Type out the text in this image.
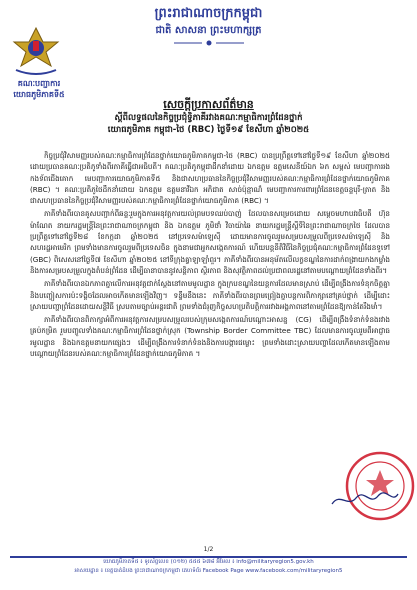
ព្រះរាជាណាចក្រកម្ពុជា
ជាតិ សាសនា ព្រះមហាក្សត្រ
គណៈបញ្ជាការ
យោធភូមិភាគទី៥
សេចក្ដីប្រកាសព័ត៌មាន
ស្ដីពីលទ្ធផលនៃកិច្ចប្រជុំទ្វិភាគីរវាងគណៈកម្មាធិការព្រំដែនថ្នាក់
យោធភូមិភាគ កម្ពុជា-ថៃ (RBC) ថ្ងៃទី១៩ ខែសីហា ឆ្នាំ២០២៥

កិច្ចប្រជុំវិសាមញ្ញរបស់គណៈកម្មាធិការព្រំដែនថ្នាក់យោធភូមិភាគកម្ពុជា-ថៃ (RBC) បានប្រព្រឹត្តទៅនៅថ្ងៃទី១៩ ខែសីហា ឆ្នាំ២០២៥ ដោយប្រធានគណៈប្រតិភូទាំងពីរភាគីធ្វើជាអធិបតី។ គណៈប្រតិភូកម្ពុជាដឹកនាំដោយ ឯកឧត្តម ឧត្តមសេនីយ៍ឯក ៦ភ សម្ភស់ មេបញ្ជាការរងកងទ័ពជើងគោក មេបញ្ជាការយោធភូមិភាគទី៥ និងជាសហប្រធាននៃកិច្ចប្រជុំវិសាមញ្ញរបស់គណៈកម្មាធិការព្រំដែនថ្នាក់យោធភូមិភាគ (RBC) ។ គណៈប្រតិភូថៃដឹកនាំដោយ ឯកឧត្តម ឧត្តមនាវីឯក អភិជាត សាច់ប៉ុន្មាណ៏ មេបញ្ជាការការពារព្រំដែនខេត្តចន្ទបុរី-ត្រាត និងជាសហប្រធាននៃកិច្ចប្រជុំវិសាមញ្ញរបស់គណៈកម្មាធិការព្រំដែនថ្នាក់យោធភូមិភាគ (RBC) ។

ភាគីទាំងពីរបានគូសបញ្ជាក់ពីឆន្ទៈរួមក្នុងការអនុវត្តការយល់ព្រមបទឈប់បាញ់ ដែលបានសម្រេចដោយ សម្ដេចមហាបវរធិបតី ហ៊ុន ម៉ាណែត នាយករដ្ឋមន្ត្រីនៃព្រះរាជាណាចក្រកម្ពុជា និង ឯកឧត្តម ភូមិថាំ វិចាយ៉ាឆៃ នាយករដ្ឋមន្ត្រីស្ដីទីនៃព្រះរាជាណាចក្រថៃ ដែលបានប្រព្រឹត្តទៅនៅថ្ងៃទី២៨ ខែកក្កដា ឆ្នាំ២០២៥ នៅប្រទេសម៉ាឡេស៊ី ដោយមានការចូលរួមសម្របសម្រួលពីប្រទេសម៉ាឡេស៊ី និងសហរដ្ឋអាមេរិក ព្រមទាំងមានការចូលរួមពីប្រទេសចិន ក្នុងនាមជាអ្នកសង្កេតការណ៍ ហើយបន្តនីតិវិធីនៃកិច្ចប្រជុំគណៈកម្មាធិការព្រំដែនទូទៅ (GBC) ពិសេសនៅថ្ងៃទី៧ ខែសីហា ឆ្នាំ២០២៥ នៅទីក្រុងគ្វាឡាឡាំពួរ។ ភាគីទាំងពីរបានអនុម័តលើលក្ខខណ្ឌនៃការដាក់ពង្រាយកងកម្លាំង និងការសម្របសម្រួលក្នុងតំបន់ព្រំដែន ដើម្បីធានាបាននូវសន្តិភាព ស្ថិរភាព និងសុវត្ថិភាពដល់ប្រជាពលរដ្ឋនៅតាមបណ្ដោយព្រំដែនទាំងពីរ។

ភាគីទាំងពីរបានឯកភាពគ្នាលើការអនុវត្តជាក់ស្ដែងនៅតាមមូលដ្ឋាន ក្នុងក្របខណ្ឌនៃយន្តការដែលមានស្រាប់ ដើម្បីពង្រឹងការទំនុកចិត្តគ្នា និងបញ្ចៀសការប៉ះទង្គិចដែលអាចកើតមានឡើងវិញ។ ទន្ទឹមនឹងនេះ ភាគីទាំងពីរបានព្រមព្រៀងគ្នាបន្តការពិភាក្សានៅគ្រប់ថ្នាក់ ដើម្បីដោះស្រាយបញ្ហាព្រំដែនដោយសន្តិវិធី ស្របតាមច្បាប់អន្តរជាតិ ព្រមទាំងជំរុញកិច្ចសហប្រតិបត្តិការរវាងអង្គភាពនៅតាមព្រំដែនឱ្យកាន់តែរឹងមាំ។

ភាគីទាំងពីរបានពិភាក្សាអំពីការអនុវត្តការសម្របសម្រួលរបស់ក្រុមសង្កេតការណ៍បណ្ដោះអាសន្ន (CG) ដើម្បីពង្រឹងទំនាក់ទំនងរវាងគ្រប់កម្រិត រួមបញ្ចូលទាំងគណៈកម្មាធិការព្រំដែនថ្នាក់ស្រុក (Township Border Committee TBC) ដែលមានការចូលរួមពីអាជ្ញាធរមូលដ្ឋាន និងឯកឧត្តមនាយកផ្សេងៗ ដើម្បីពង្រឹងការទំនាក់ទំនងនិងការបង្ការជម្លោះ ព្រមទាំងដោះស្រាយបញ្ហាដែលកើតមានឡើងតាមបណ្ដោយព្រំដែនរបស់គណៈកម្មាធិការព្រំដែនថ្នាក់យោធភូមិភាគ ។

1/2
យោធភូមិភាគទី៥ ៖ ទូរស័ព្ទលេខ (០១២) ៥៥៥ ៦៧៨ អ៊ីមែល ៖ info@militaryregion5.gov.kh
អាសយដ្ឋាន ៖ ខេត្តបាត់ដំបង ព្រះរាជាណាចក្រកម្ពុជា គេហទំព័រ Facebook Page www.facebook.com/militaryregion5
